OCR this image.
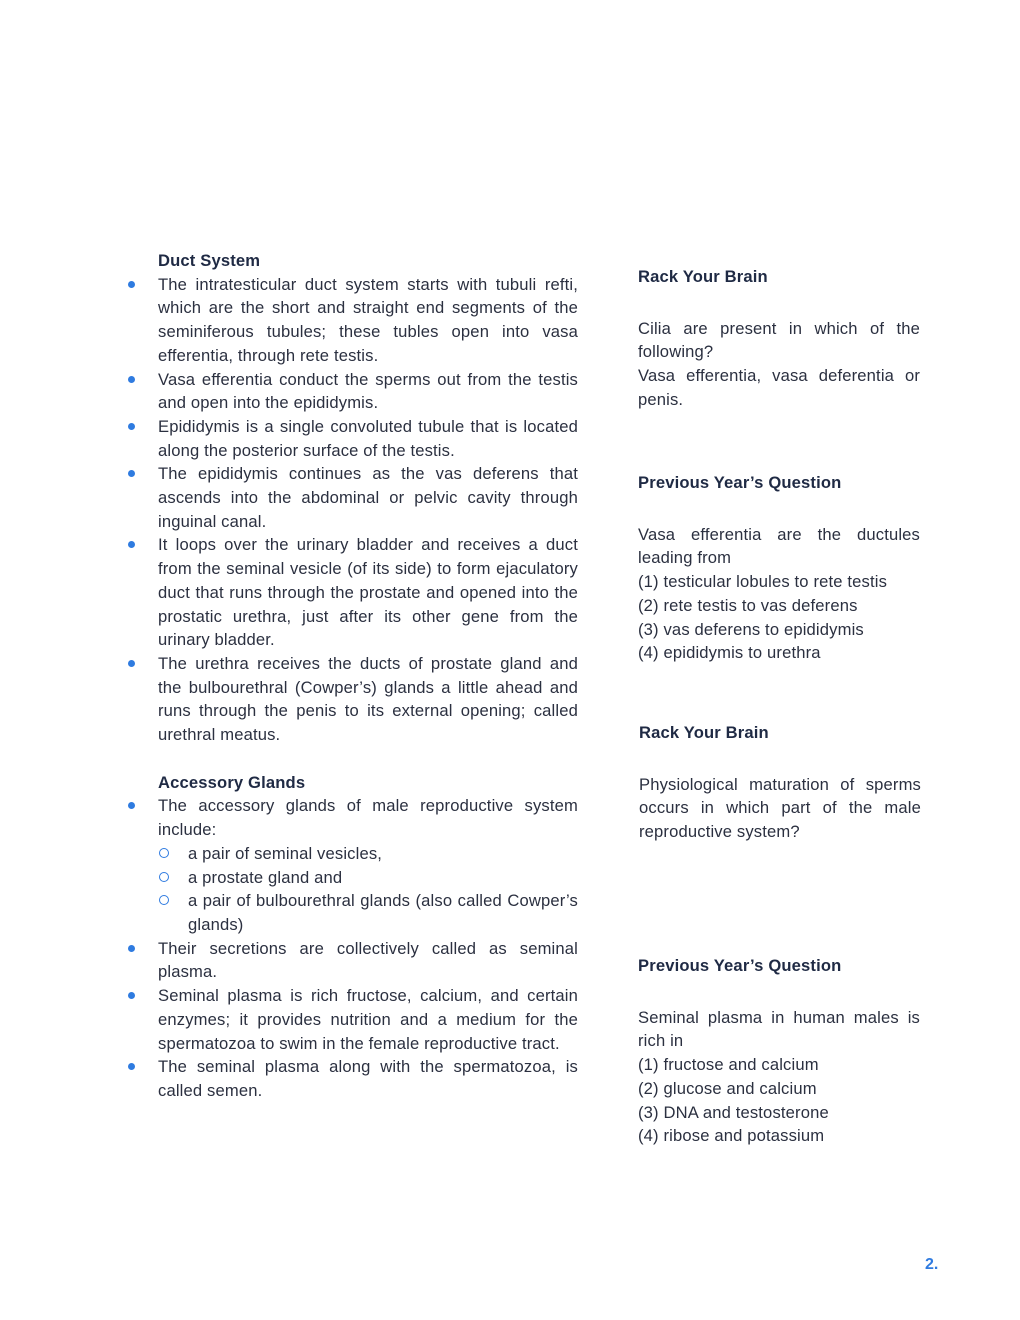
Duct System
The intratesticular duct system starts with tubuli refti, which are the short and straight end segments of the seminiferous tubules; these tubles open into vasa efferentia, through rete testis.
Vasa efferentia conduct the sperms out from the testis and open into the epididymis.
Epididymis is a single convoluted tubule that is located along the posterior surface of the testis.
The epididymis continues as the vas deferens that ascends into the abdominal or pelvic cavity through inguinal canal.
It loops over the urinary bladder and receives a duct from the seminal vesicle (of its side) to form ejaculatory duct that runs through the prostate and opened into the prostatic urethra, just after its other gene from the urinary bladder.
The urethra receives the ducts of prostate gland and the bulbourethral (Cowper’s) glands a little ahead and runs through the penis to its external opening; called urethral meatus.
Accessory Glands
The accessory glands of male reproductive system include:
a pair of seminal vesicles,
a prostate gland and
a pair of bulbourethral glands (also called Cowper’s glands)
Their secretions are collectively called as seminal plasma.
Seminal plasma is rich fructose, calcium, and certain enzymes; it provides nutrition and a medium for the spermatozoa to swim in the female reproductive tract.
The seminal plasma along with the spermatozoa, is called semen.
Rack Your Brain

Cilia are present in which of the following?

Vasa efferentia, vasa deferentia or penis.

Previous Year’s Question

Vasa efferentia are the ductules leading from

(1) testicular lobules to rete testis

(2) rete testis to vas deferens

(3) vas deferens to epididymis

(4) epididymis to urethra

Rack Your Brain

Physiological maturation of sperms occurs in which part of the male reproductive system?

Previous Year’s Question

Seminal plasma in human males is rich in

(1) fructose and calcium

(2) glucose and calcium

(3) DNA and testosterone

(4) ribose and potassium

2.
